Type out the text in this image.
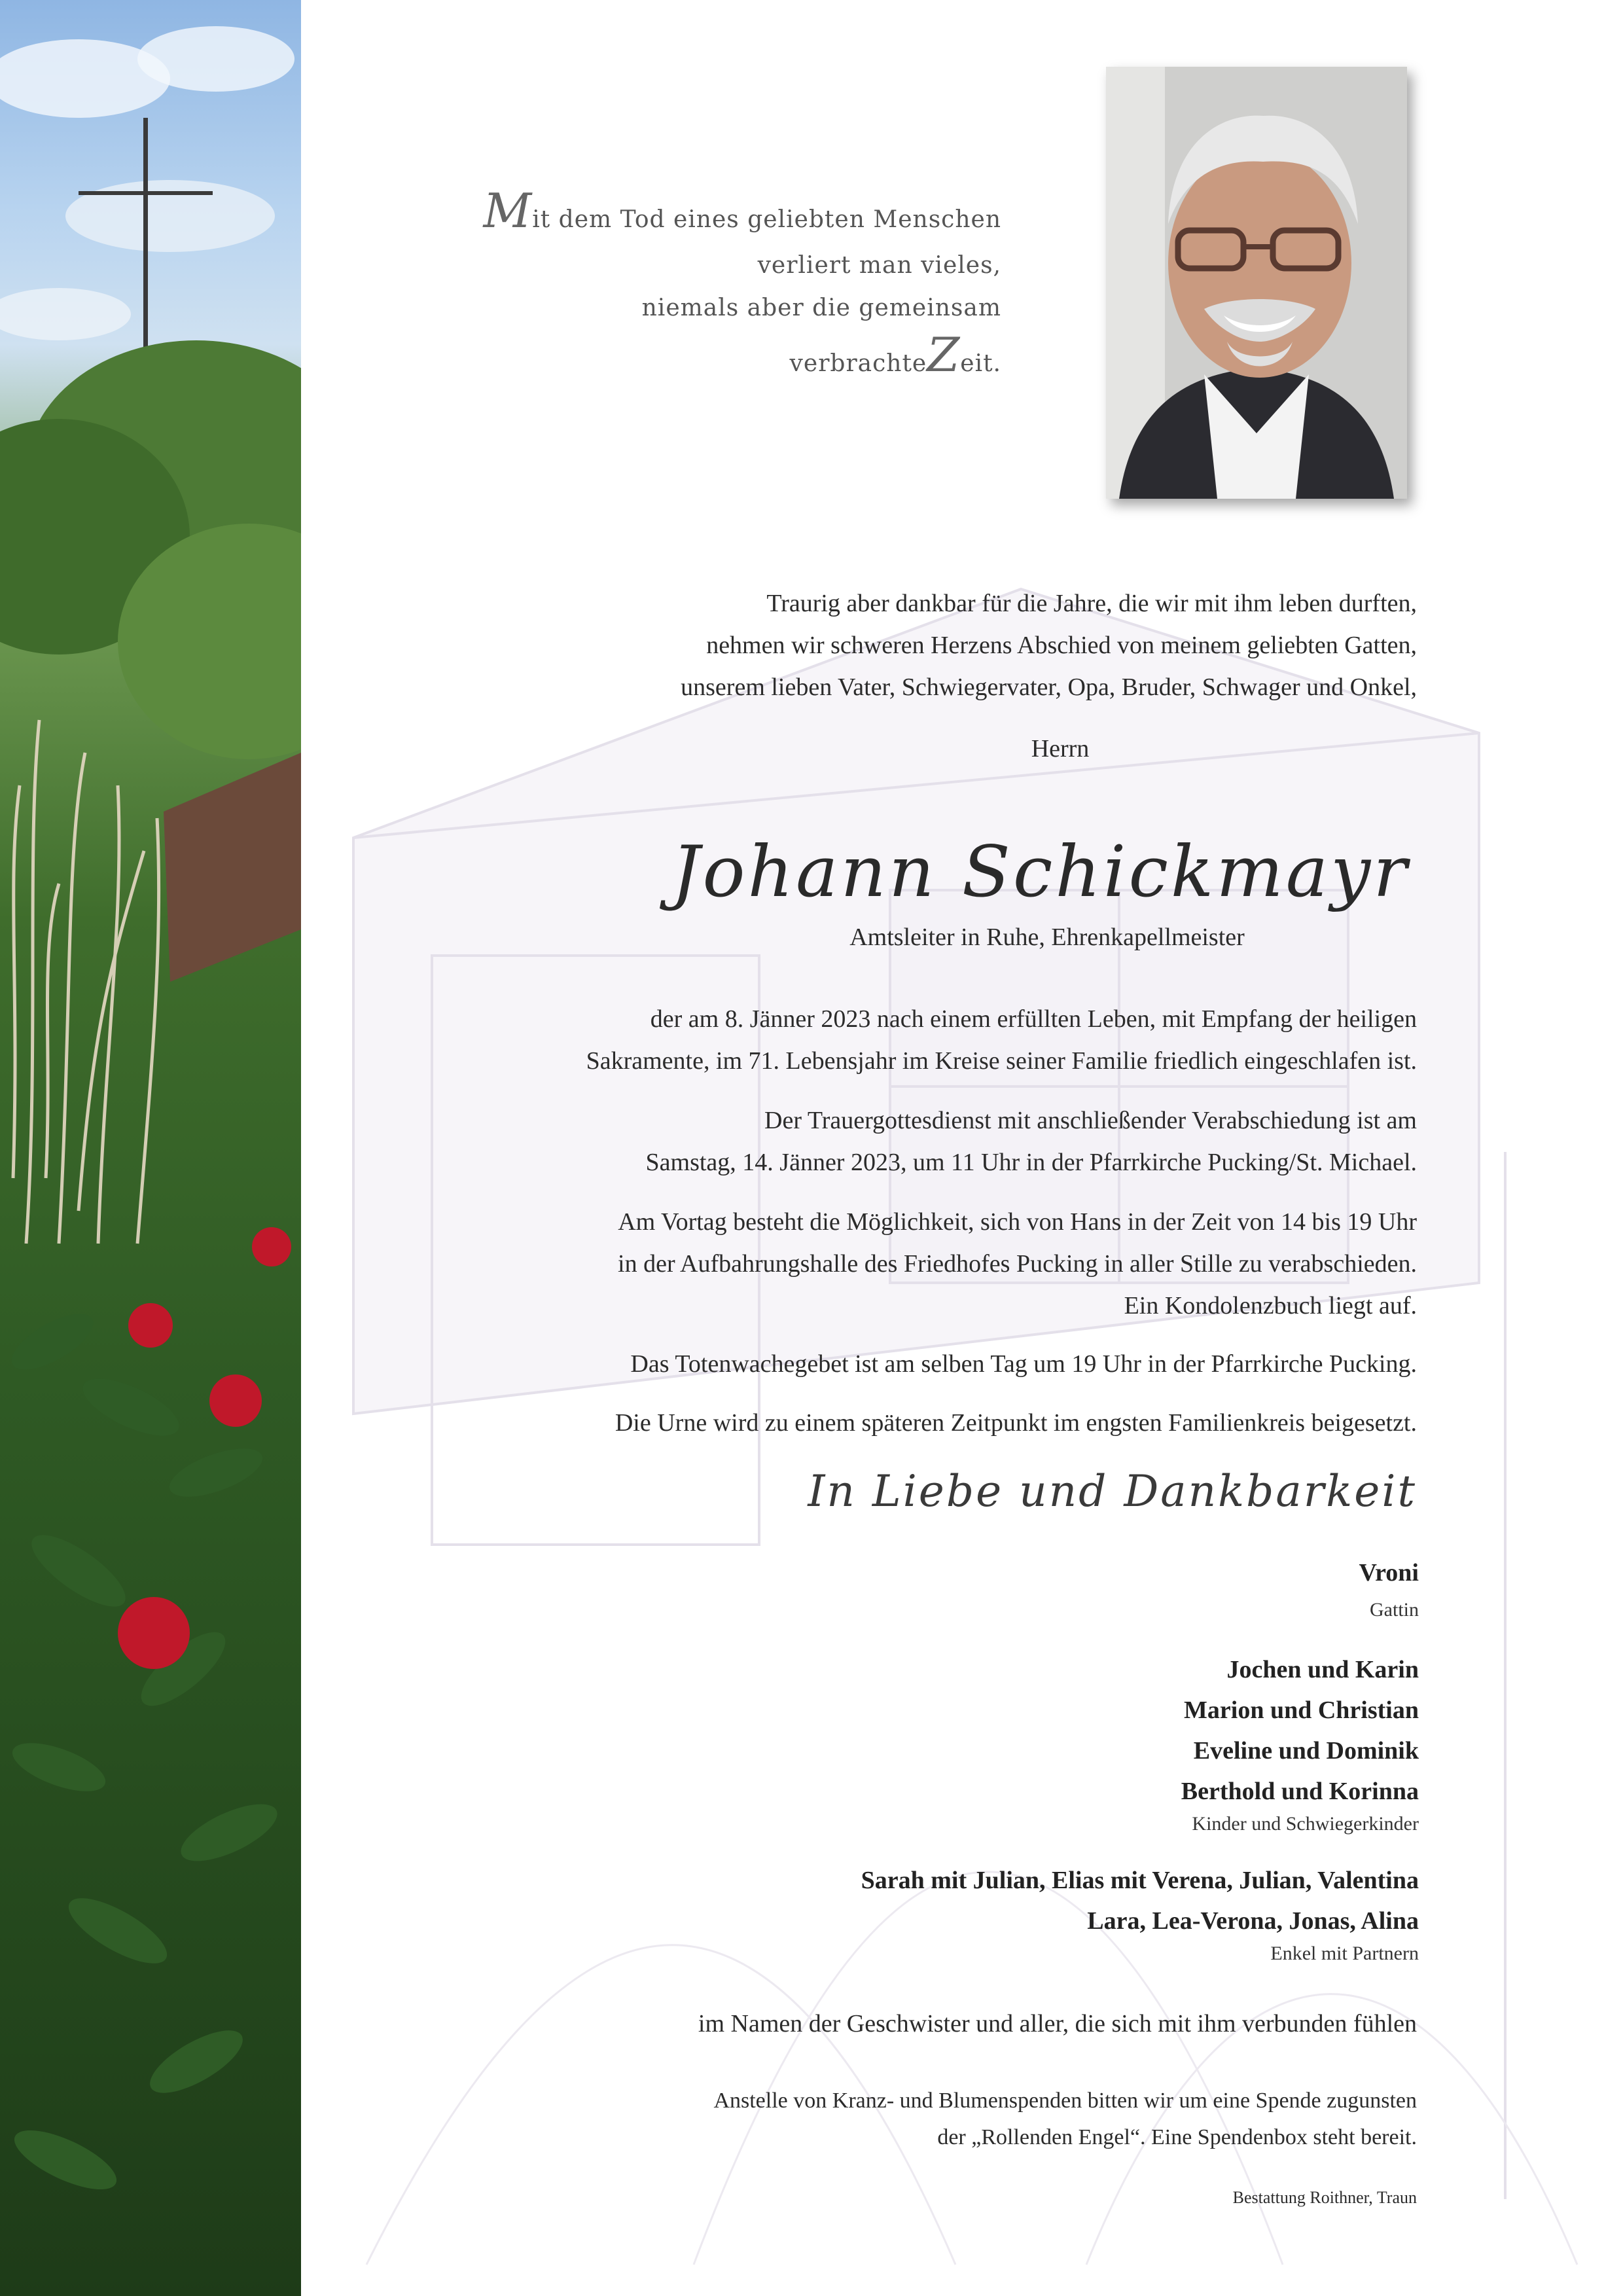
Mit dem Tod eines geliebten Menschen
verliert man vieles,
niemals aber die gemeinsam
verbrachteZeit.
Traurig aber dankbar für die Jahre, die wir mit ihm leben durften,
nehmen wir schweren Herzens Abschied von meinem geliebten Gatten,
unserem lieben Vater, Schwiegervater, Opa, Bruder, Schwager und Onkel,
Herrn
Johann Schickmayr
Amtsleiter in Ruhe, Ehrenkapellmeister
der am 8. Jänner 2023 nach einem erfüllten Leben, mit Empfang der heiligen
Sakramente, im 71. Lebensjahr im Kreise seiner Familie friedlich eingeschlafen ist.
Der Trauergottesdienst mit anschließender Verabschiedung ist am
Samstag, 14. Jänner 2023, um 11 Uhr in der Pfarrkirche Pucking/St. Michael.
Am Vortag besteht die Möglichkeit, sich von Hans in der Zeit von 14 bis 19 Uhr
in der Aufbahrungshalle des Friedhofes Pucking in aller Stille zu verabschieden.
Ein Kondolenzbuch liegt auf.
Das Totenwachegebet ist am selben Tag um 19 Uhr in der Pfarrkirche Pucking.
Die Urne wird zu einem späteren Zeitpunkt im engsten Familienkreis beigesetzt.
In Liebe und Dankbarkeit
Vroni
Gattin
Jochen und Karin
Marion und Christian
Eveline und Dominik
Berthold und Korinna
Kinder und Schwiegerkinder
Sarah mit Julian, Elias mit Verena, Julian, Valentina
Lara, Lea-Verona, Jonas, Alina
Enkel mit Partnern
im Namen der Geschwister und aller, die sich mit ihm verbunden fühlen
Anstelle von Kranz- und Blumenspenden bitten wir um eine Spende zugunsten
der „Rollenden Engel“. Eine Spendenbox steht bereit.
Bestattung Roithner, Traun
